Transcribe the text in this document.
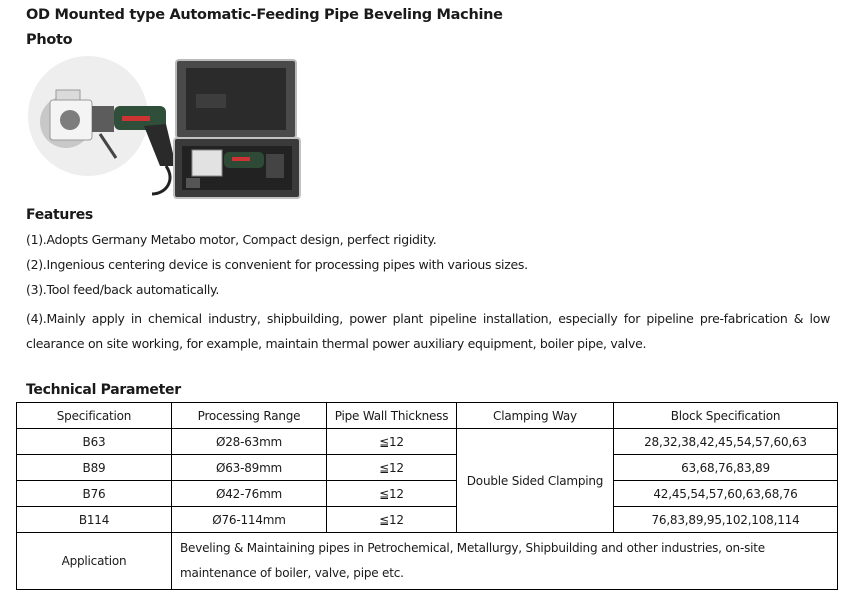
OD Mounted type Automatic-Feeding Pipe Beveling Machine
Photo
Features
(1).Adopts Germany Metabo motor, Compact design, perfect rigidity.
(2).Ingenious centering device is convenient for processing pipes with various sizes.
(3).Tool feed/back automatically.
(4).Mainly apply in chemical industry, shipbuilding, power plant pipeline installation, especially for pipeline pre-fabrication & low clearance on site working, for example, maintain thermal power auxiliary equipment, boiler pipe, valve.
Technical Parameter
Specification	Processing Range	Pipe Wall Thickness	Clamping Way	Block Specification
B63	Ø28-63mm	≦12	Double Sided Clamping	28,32,38,42,45,54,57,60,63
B89	Ø63-89mm	≦12		63,68,76,83,89
B76	Ø42-76mm	≦12		42,45,54,57,60,63,68,76
B114	Ø76-114mm	≦12		76,83,89,95,102,108,114
Application	Beveling & Maintaining pipes in Petrochemical, Metallurgy, Shipbuilding and other industries, on-site maintenance of boiler, valve, pipe etc.			
